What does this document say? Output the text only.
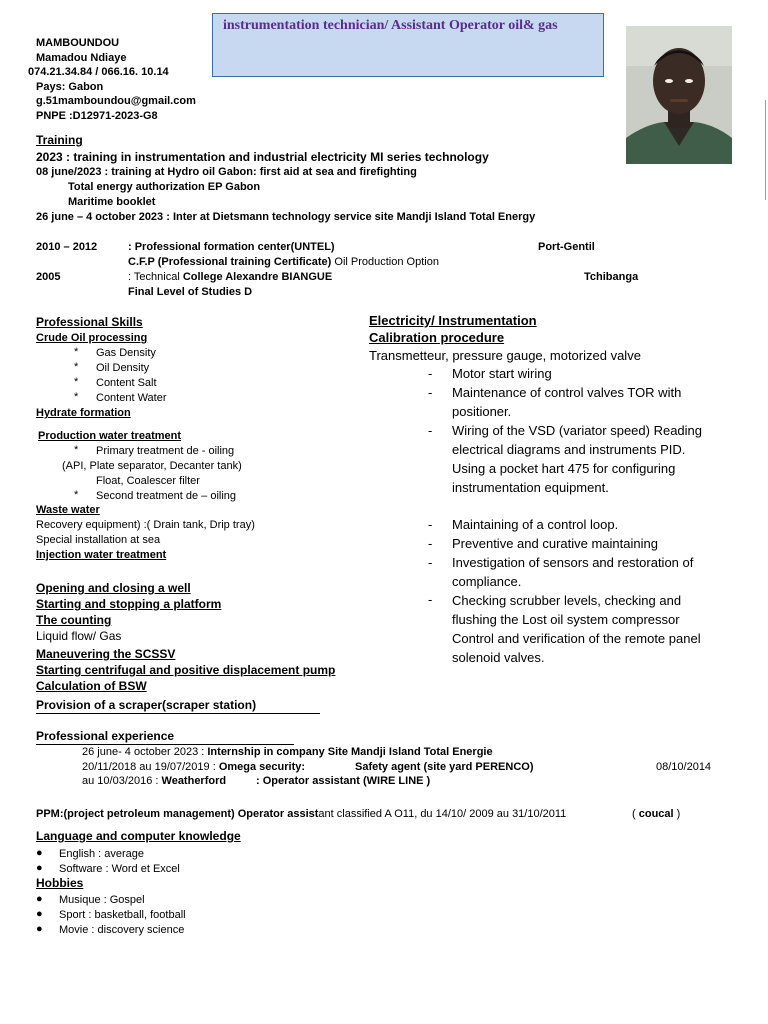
instrumentation technician/ Assistant Operator oil& gas
MAMBOUNDOU
Mamadou Ndiaye
074.21.34.84 / 066.16. 10.14
Pays: Gabon
g.51mamboundou@gmail.com
PNPE :D12971-2023-G8
Training
2023 : training in instrumentation and industrial electricity MI series technology
08 june/2023 : training at Hydro oil Gabon: first aid at sea and firefighting
Total energy authorization EP Gabon
Maritime booklet
26 june – 4 october 2023 : Inter at Dietsmann technology service site Mandji Island Total Energy
2010 – 2012	: Professional formation center(UNTEL)	Port-Gentil
C.F.P (Professional training Certificate) Oil Production Option
2005	: Technical College Alexandre BIANGUE	Tchibanga
Final Level of Studies D
Professional Skills
Crude Oil processing
* Gas Density
* Oil Density
* Content Salt
* Content Water
Hydrate formation
Production water treatment
* Primary treatment de - oiling
(API, Plate separator, Decanter tank)
Float, Coalescer filter
* Second treatment de – oiling
Waste water
Recovery equipment) :( Drain tank, Drip tray)
Special installation at sea
Injection water treatment
Opening and closing a well
Starting and stopping a platform
The counting
Liquid flow/ Gas
Maneuvering the SCSSV
Starting centrifugal and positive displacement pump
Calculation of BSW
Provision of a scraper(scraper station)
Electricity/ Instrumentation
Calibration procedure
Transmetteur, pressure gauge, motorized valve
- Motor start wiring
- Maintenance of control valves TOR with positioner.
- Wiring of the VSD (variator speed) Reading electrical diagrams and instruments PID. Using a pocket hart 475 for configuring instrumentation equipment.
- Maintaining of a control loop.
- Preventive and curative maintaining
- Investigation of sensors and restoration of compliance.
- Checking scrubber levels, checking and flushing the Lost oil system compressor Control and verification of the remote panel solenoid valves.
Professional experience
26 june- 4 october 2023 : Internship in company Site Mandji Island Total Energie
20/11/2018 au 19/07/2019 : Omega security:	Safety agent (site yard PERENCO)	08/10/2014
au 10/03/2016 : Weatherford	: Operator assistant (WIRE LINE )
PPM:(project petroleum management) Operator assistant classified A O11, du 14/10/ 2009 au 31/10/2011	( coucal )
Language and computer knowledge
● English : average
● Software : Word et Excel
Hobbies
● Musique : Gospel
● Sport : basketball, football
● Movie : discovery science
